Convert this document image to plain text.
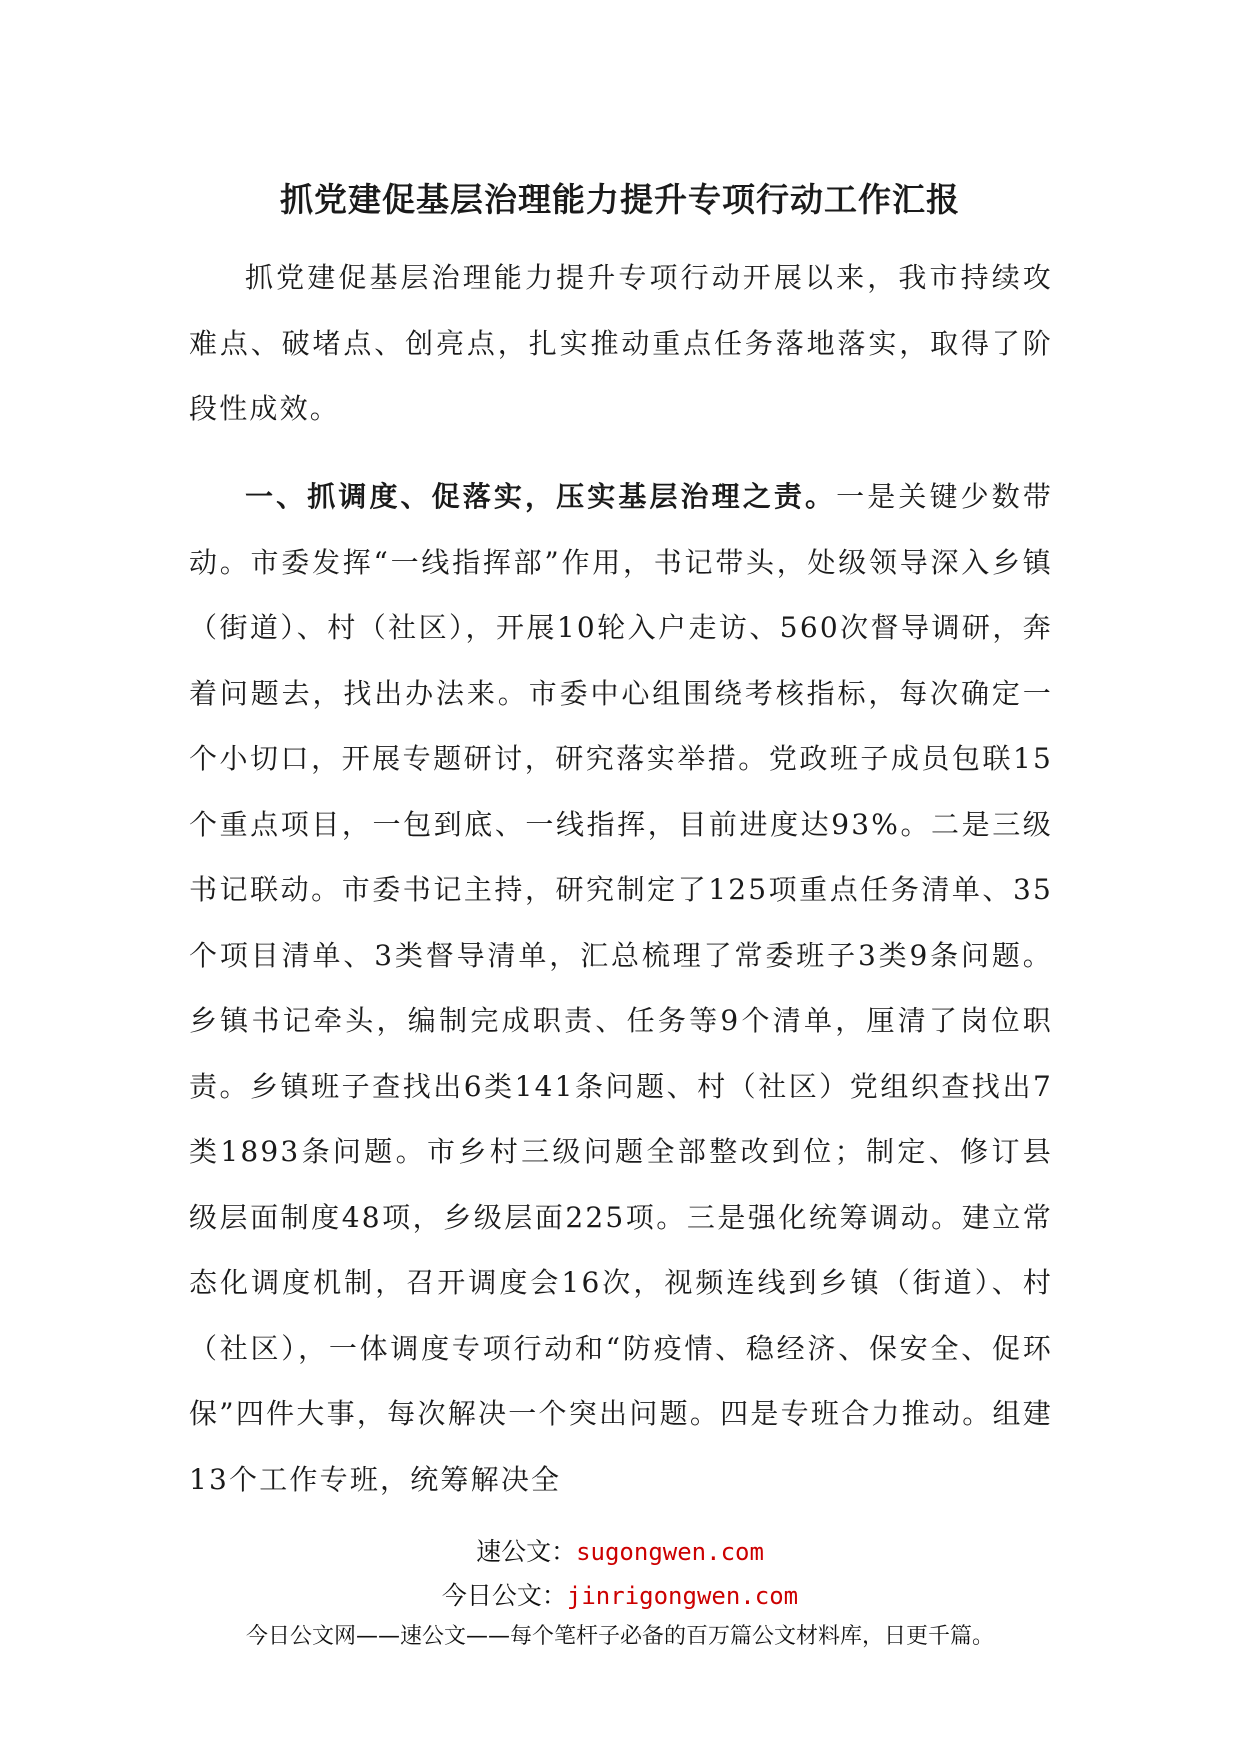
抓党建促基层治理能力提升专项行动工作汇报

抓党建促基层治理能力提升专项行动开展以来，我市持续攻难点、破堵点、创亮点，扎实推动重点任务落地落实，取得了阶段性成效。

一、抓调度、促落实，压实基层治理之责。一是关键少数带动。市委发挥“一线指挥部”作用，书记带头，处级领导深入乡镇（街道）、村（社区），开展10轮入户走访、560次督导调研，奔着问题去，找出办法来。市委中心组围绕考核指标，每次确定一个小切口，开展专题研讨，研究落实举措。党政班子成员包联15个重点项目，一包到底、一线指挥，目前进度达93%。二是三级书记联动。市委书记主持，研究制定了125项重点任务清单、35个项目清单、3类督导清单，汇总梳理了常委班子3类9条问题。乡镇书记牵头，编制完成职责、任务等9个清单，厘清了岗位职责。乡镇班子查找出6类141条问题、村（社区）党组织查找出7类1893条问题。市乡村三级问题全部整改到位；制定、修订县级层面制度48项，乡级层面225项。三是强化统筹调动。建立常态化调度机制，召开调度会16次，视频连线到乡镇（街道）、村（社区），一体调度专项行动和“防疫情、稳经济、保安全、促环保”四件大事，每次解决一个突出问题。四是专班合力推动。组建13个工作专班，统筹解决全

速公文：sugongwen.com
今日公文：jinrigongwen.com
今日公文网——速公文——每个笔杆子必备的百万篇公文材料库，日更千篇。
